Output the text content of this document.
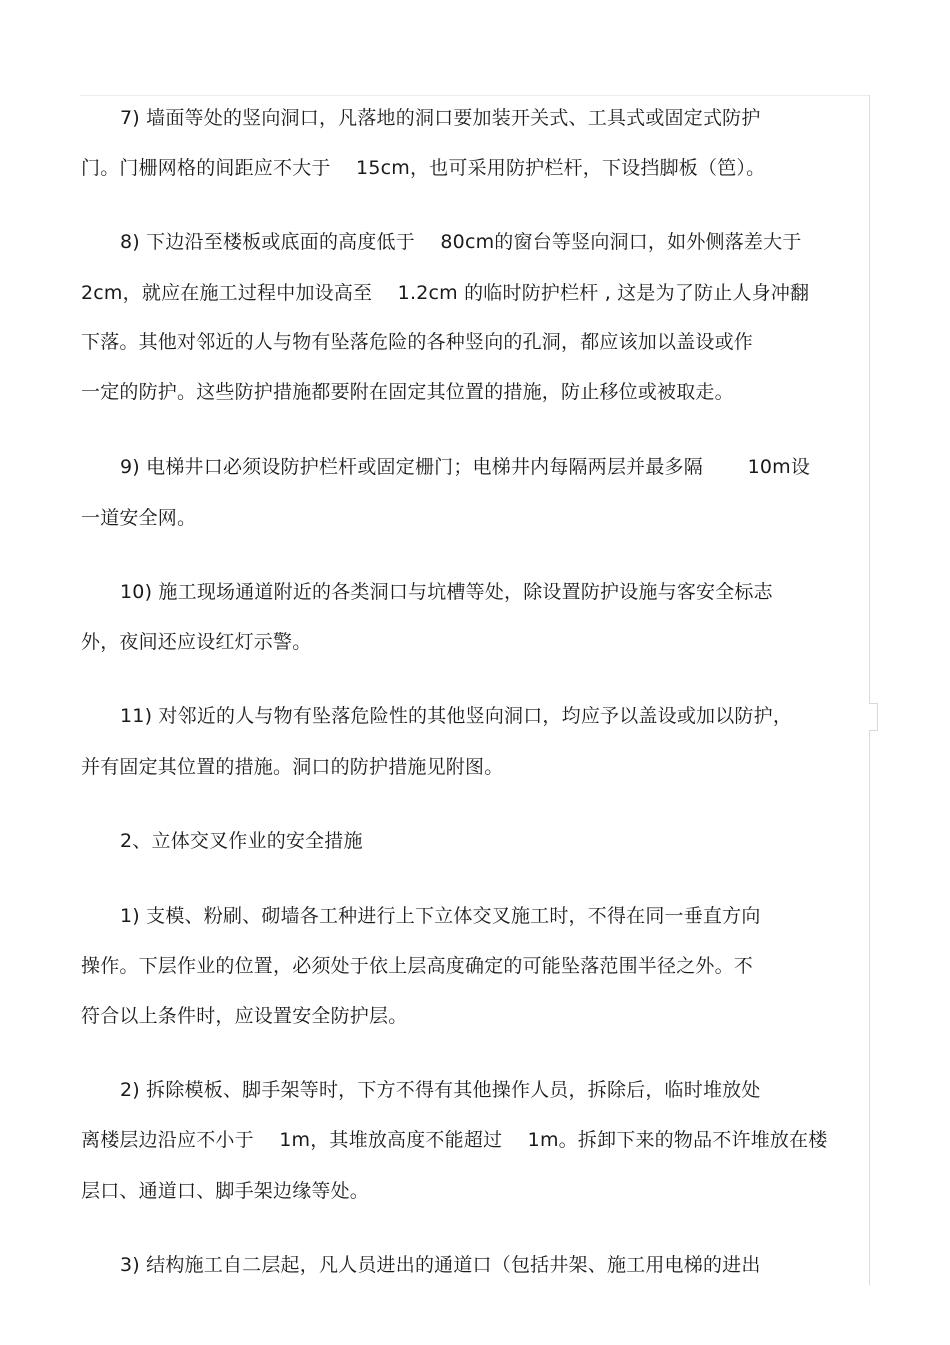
7) 墙面等处的竖向洞口，凡落地的洞口要加装开关式、工具式或固定式防护
门。门栅网格的间距应不大于　 15cm，也可采用防护栏杆，下设挡脚板（笆）。
8) 下边沿至楼板或底面的高度低于　 80cm的窗台等竖向洞口，如外侧落差大于
2cm，就应在施工过程中加设高至　 1.2cm 的临时防护栏杆 , 这是为了防止人身冲翻
下落。其他对邻近的人与物有坠落危险的各种竖向的孔洞，都应该加以盖设或作
一定的防护。这些防护措施都要附在固定其位置的措施，防止移位或被取走。
9) 电梯井口必须设防护栏杆或固定栅门；电梯井内每隔两层并最多隔　　 10m设
一道安全网。
10) 施工现场通道附近的各类洞口与坑槽等处，除设置防护设施与客安全标志
外，夜间还应设红灯示警。
11) 对邻近的人与物有坠落危险性的其他竖向洞口，均应予以盖设或加以防护，
并有固定其位置的措施。洞口的防护措施见附图。
2、立体交叉作业的安全措施
1) 支模、粉刷、砌墙各工种进行上下立体交叉施工时，不得在同一垂直方向
操作。下层作业的位置，必须处于依上层高度确定的可能坠落范围半径之外。不
符合以上条件时，应设置安全防护层。
2) 拆除模板、脚手架等时，下方不得有其他操作人员，拆除后，临时堆放处
离楼层边沿应不小于　 1m，其堆放高度不能超过　 1m。拆卸下来的物品不许堆放在楼
层口、通道口、脚手架边缘等处。
3) 结构施工自二层起，凡人员进出的通道口（包括井架、施工用电梯的进出
